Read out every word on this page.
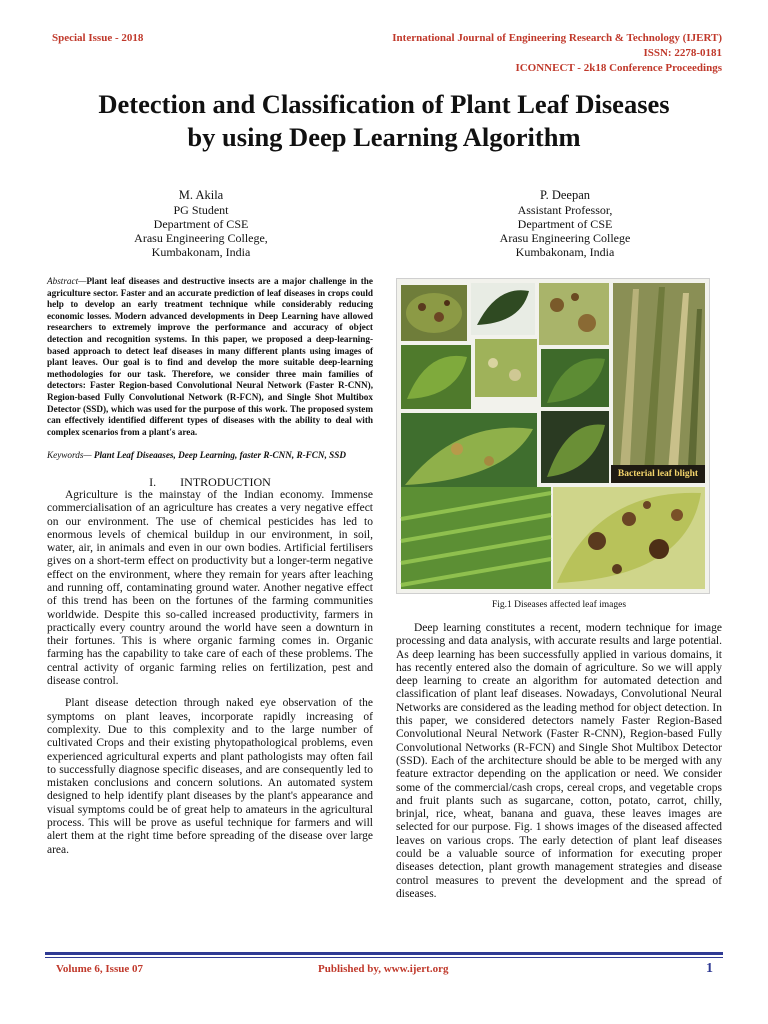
Special Issue - 2018	International Journal of Engineering Research & Technology (IJERT)
ISSN: 2278-0181
ICONNECT - 2k18 Conference Proceedings
Detection and Classification of Plant Leaf Diseases
by using Deep Learning Algorithm
M. Akila
PG Student
Department of CSE
Arasu Engineering College,
Kumbakonam, India
P. Deepan
Assistant Professor,
Department of CSE
Arasu Engineering College
Kumbakonam, India
Abstract—Plant leaf diseases and destructive insects are a major challenge in the agriculture sector. Faster and an accurate prediction of leaf diseases in crops could help to develop an early treatment technique while considerably reducing economic losses. Modern advanced developments in Deep Learning have allowed researchers to extremely improve the performance and accuracy of object detection and recognition systems. In this paper, we proposed a deep-learning-based approach to detect leaf diseases in many different plants using images of plant leaves. Our goal is to find and develop the more suitable deep-learning methodologies for our task. Therefore, we consider three main families of detectors: Faster Region-based Convolutional Neural Network (Faster R-CNN), Region-based Fully Convolutional Network (R-FCN), and Single Shot Multibox Detector (SSD), which was used for the purpose of this work. The proposed system can effectively identified different types of diseases with the ability to deal with complex scenarios from a plant's area.
Keywords— Plant Leaf Diseaases, Deep Learning, faster R-CNN, R-FCN, SSD
I.        INTRODUCTION

Agriculture is the mainstay of the Indian economy. Immense commercialisation of an agriculture has creates a very negative effect on our environment. The use of chemical pesticides has led to enormous levels of chemical buildup in our environment, in soil, water, air, in animals and even in our own bodies. Artificial fertilisers gives on a short-term effect on productivity but a longer-term negative effect on the environment, where they remain for years after leaching and running off, contaminating ground water. Another negative effect of this trend has been on the fortunes of the farming communities worldwide. Despite this so-called increased productivity, farmers in practically every country around the world have seen a downturn in their fortunes. This is where organic farming comes in. Organic farming has the capability to take care of each of these problems. The central activity of organic farming relies on fertilization, pest and disease control.

Plant disease detection through naked eye observation of the symptoms on plant leaves, incorporate rapidly increasing of complexity. Due to this complexity and to the large number of cultivated Crops and their existing phytopathological problems, even experienced agricultural experts and plant pathologists may often fail to successfully diagnose specific diseases, and are consequently led to mistaken conclusions and concern solutions. An automated system designed to help identify plant diseases by the plant's appearance and visual symptoms could be of great help to amateurs in the agricultural process. This will be prove as useful technique for farmers and will alert them at the right time before spreading of the disease over large area.

Bacterial leaf blight
Fig.1 Diseases affected leaf images

Deep learning constitutes a recent, modern technique for image processing and data analysis, with accurate results and large potential. As deep learning has been successfully applied in various domains, it has recently entered also the domain of agriculture. So we will apply deep learning to create an algorithm for automated detection and classification of plant leaf diseases. Nowadays, Convolutional Neural Networks are considered as the leading method for object detection. In this paper, we considered detectors namely Faster Region-Based Convolutional Neural Network (Faster R-CNN), Region-based Fully Convolutional Networks (R-FCN) and Single Shot Multibox Detector (SSD). Each of the architecture should be able to be merged with any feature extractor depending on the application or need. We consider some of the commercial/cash crops, cereal crops, and vegetable crops and fruit plants such as sugarcane, cotton, potato, carrot, chilly, brinjal, rice, wheat, banana and guava, these leaves images are selected for our purpose. Fig. 1 shows images of the diseased affected leaves on various crops. The early detection of plant leaf diseases could be a valuable source of information for executing proper diseases detection, plant growth management strategies and disease control measures to prevent the development and the spread of diseases.

Volume 6, Issue 07	Published by, www.ijert.org	1
